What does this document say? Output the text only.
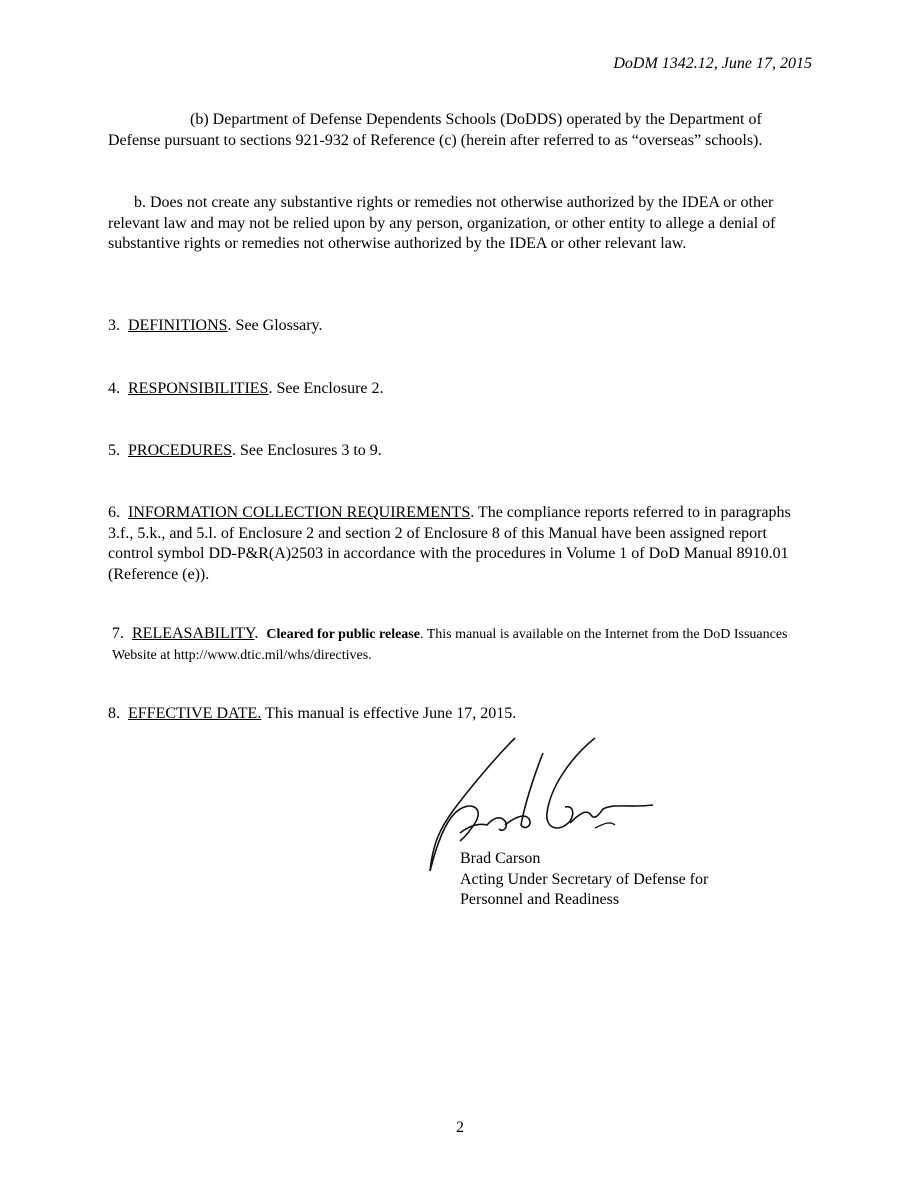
DoDM 1342.12, June 17, 2015
(b) Department of Defense Dependents Schools (DoDDS) operated by the Department of Defense pursuant to sections 921-932 of Reference (c) (herein after referred to as “overseas” schools).
b. Does not create any substantive rights or remedies not otherwise authorized by the IDEA or other relevant law and may not be relied upon by any person, organization, or other entity to allege a denial of substantive rights or remedies not otherwise authorized by the IDEA or other relevant law.
3. DEFINITIONS. See Glossary.
4. RESPONSIBILITIES. See Enclosure 2.
5. PROCEDURES. See Enclosures 3 to 9.
6. INFORMATION COLLECTION REQUIREMENTS. The compliance reports referred to in paragraphs 3.f., 5.k., and 5.l. of Enclosure 2 and section 2 of Enclosure 8 of this Manual have been assigned report control symbol DD-P&R(A)2503 in accordance with the procedures in Volume 1 of DoD Manual 8910.01 (Reference (e)).
7. RELEASABILITY. Cleared for public release. This manual is available on the Internet from the DoD Issuances Website at http://www.dtic.mil/whs/directives.
8. EFFECTIVE DATE. This manual is effective June 17, 2015.
Brad Carson
Acting Under Secretary of Defense for
Personnel and Readiness
2
